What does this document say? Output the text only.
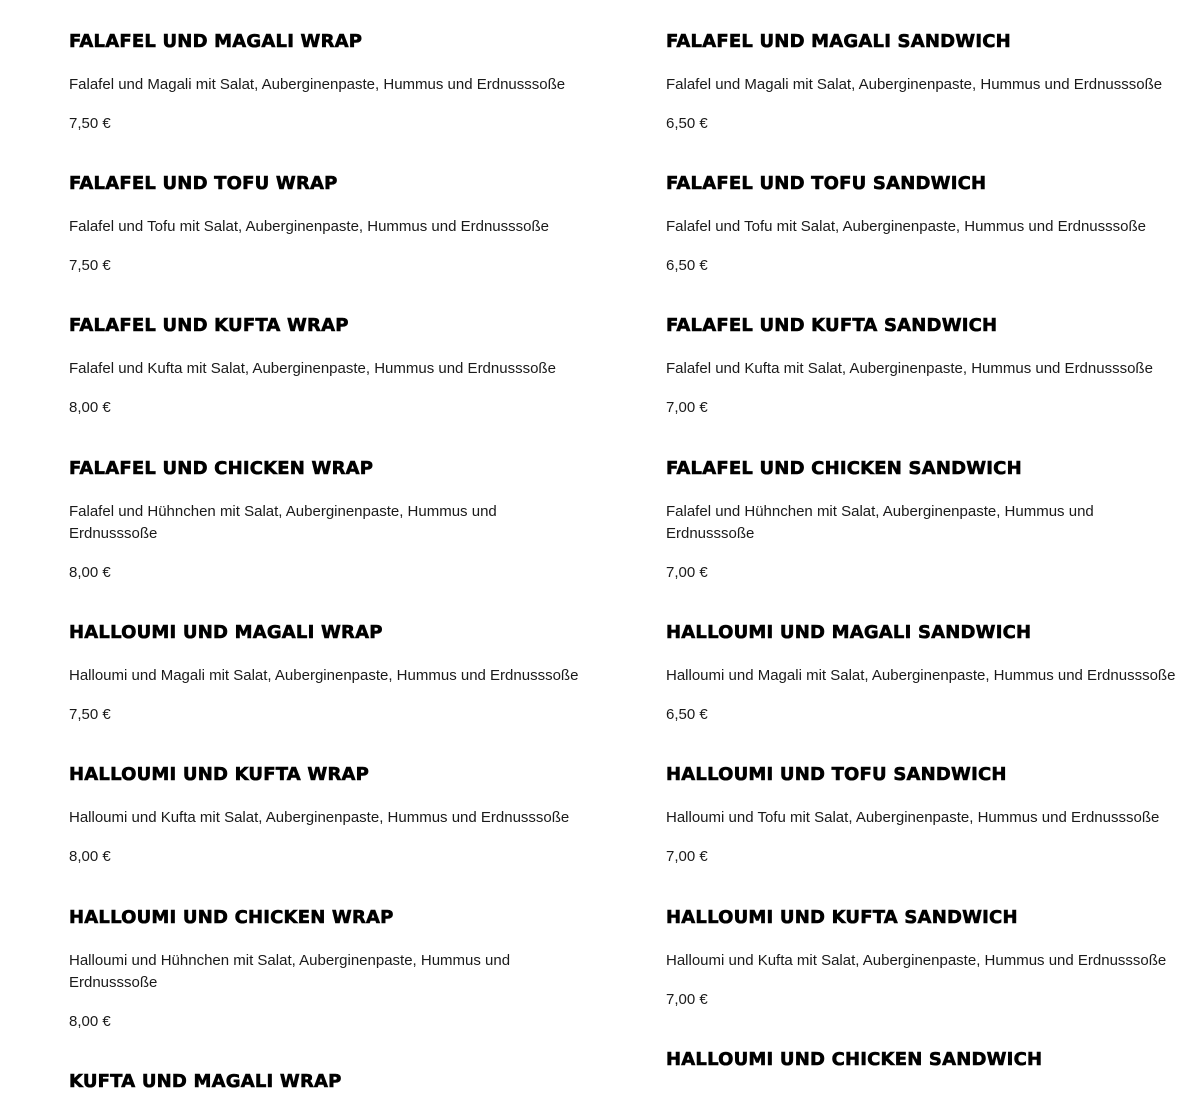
FALAFEL UND MAGALI WRAP

Falafel und Magali mit Salat, Auberginenpaste, Hummus und Erdnusssoße

7,50 €

FALAFEL UND TOFU WRAP

Falafel und Tofu mit Salat, Auberginenpaste, Hummus und Erdnusssoße

7,50 €

FALAFEL UND KUFTA WRAP

Falafel und Kufta mit Salat, Auberginenpaste, Hummus und Erdnusssoße

8,00 €

FALAFEL UND CHICKEN WRAP

Falafel und Hühnchen mit Salat, Auberginenpaste, Hummus und Erdnusssoße

8,00 €

HALLOUMI UND MAGALI WRAP

Halloumi und Magali mit Salat, Auberginenpaste, Hummus und Erdnusssoße

7,50 €

HALLOUMI UND KUFTA WRAP

Halloumi und Kufta mit Salat, Auberginenpaste, Hummus und Erdnusssoße

8,00 €

HALLOUMI UND CHICKEN WRAP

Halloumi und Hühnchen mit Salat, Auberginenpaste, Hummus und Erdnusssoße

8,00 €

KUFTA UND MAGALI WRAP
FALAFEL UND MAGALI SANDWICH

Falafel und Magali mit Salat, Auberginenpaste, Hummus und Erdnusssoße

6,50 €

FALAFEL UND TOFU SANDWICH

Falafel und Tofu mit Salat, Auberginenpaste, Hummus und Erdnusssoße

6,50 €

FALAFEL UND KUFTA SANDWICH

Falafel und Kufta mit Salat, Auberginenpaste, Hummus und Erdnusssoße

7,00 €

FALAFEL UND CHICKEN SANDWICH

Falafel und Hühnchen mit Salat, Auberginenpaste, Hummus und Erdnusssoße

7,00 €

HALLOUMI UND MAGALI SANDWICH

Halloumi und Magali mit Salat, Auberginenpaste, Hummus und Erdnusssoße

6,50 €

HALLOUMI UND TOFU SANDWICH

Halloumi und Tofu mit Salat, Auberginenpaste, Hummus und Erdnusssoße

7,00 €

HALLOUMI UND KUFTA SANDWICH

Halloumi und Kufta mit Salat, Auberginenpaste, Hummus und Erdnusssoße

7,00 €

HALLOUMI UND CHICKEN SANDWICH
